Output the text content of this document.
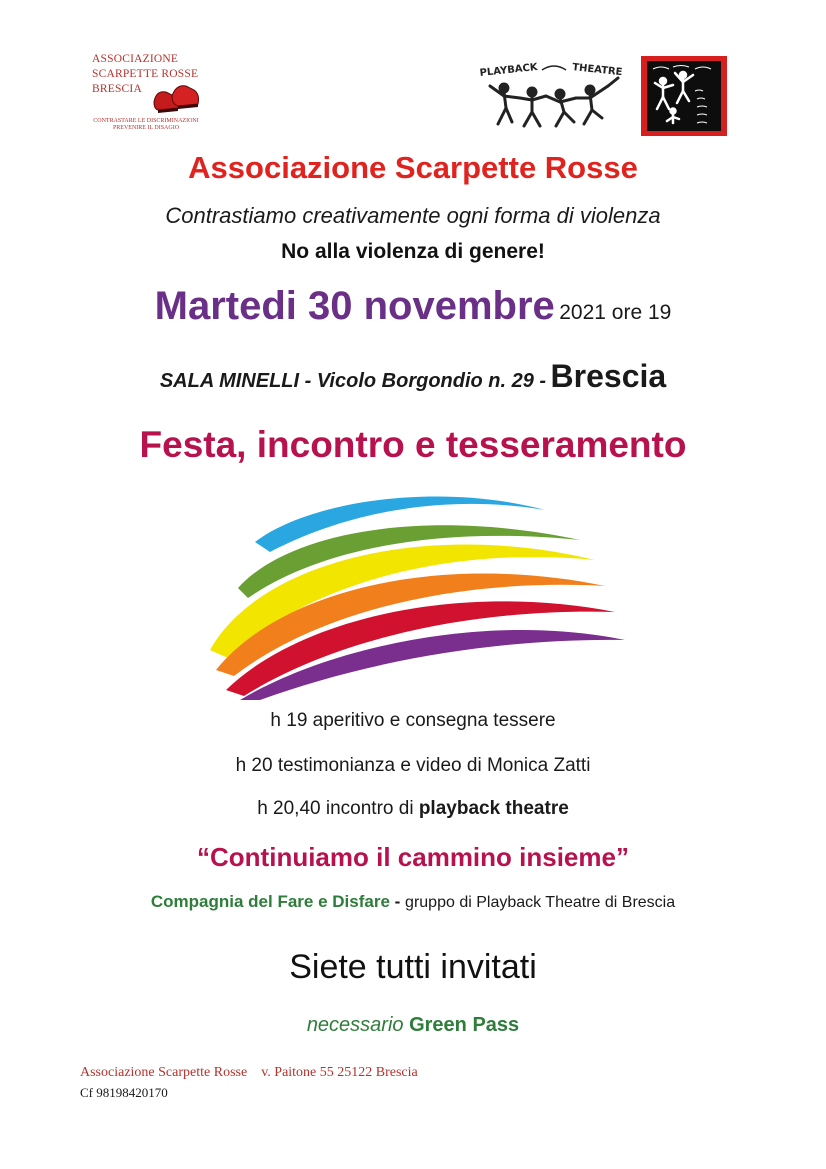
ASSOCIAZIONE
SCARPETTE ROSSE
BRESCIA
CONTRASTARE LE DISCRIMINAZIONI
PREVENIRE IL DISAGIO
PLAYBACK	THEATRE
Associazione Scarpette Rosse
Contrastiamo creativamente ogni forma di violenza
No alla violenza di genere!
Martedi 30 novembre 2021 ore 19
SALA MINELLI - Vicolo Borgondio n. 29 - Brescia
Festa, incontro e tesseramento
h 19 aperitivo e consegna tessere
h 20 testimonianza e video di Monica Zatti
h 20,40 incontro di playback theatre
“Continuiamo il cammino insieme”
Compagnia del Fare e Disfare - gruppo di Playback Theatre di Brescia
Siete tutti invitati
necessario Green Pass
Associazione Scarpette Rosse v. Paitone 55 25122 Brescia
Cf 98198420170
